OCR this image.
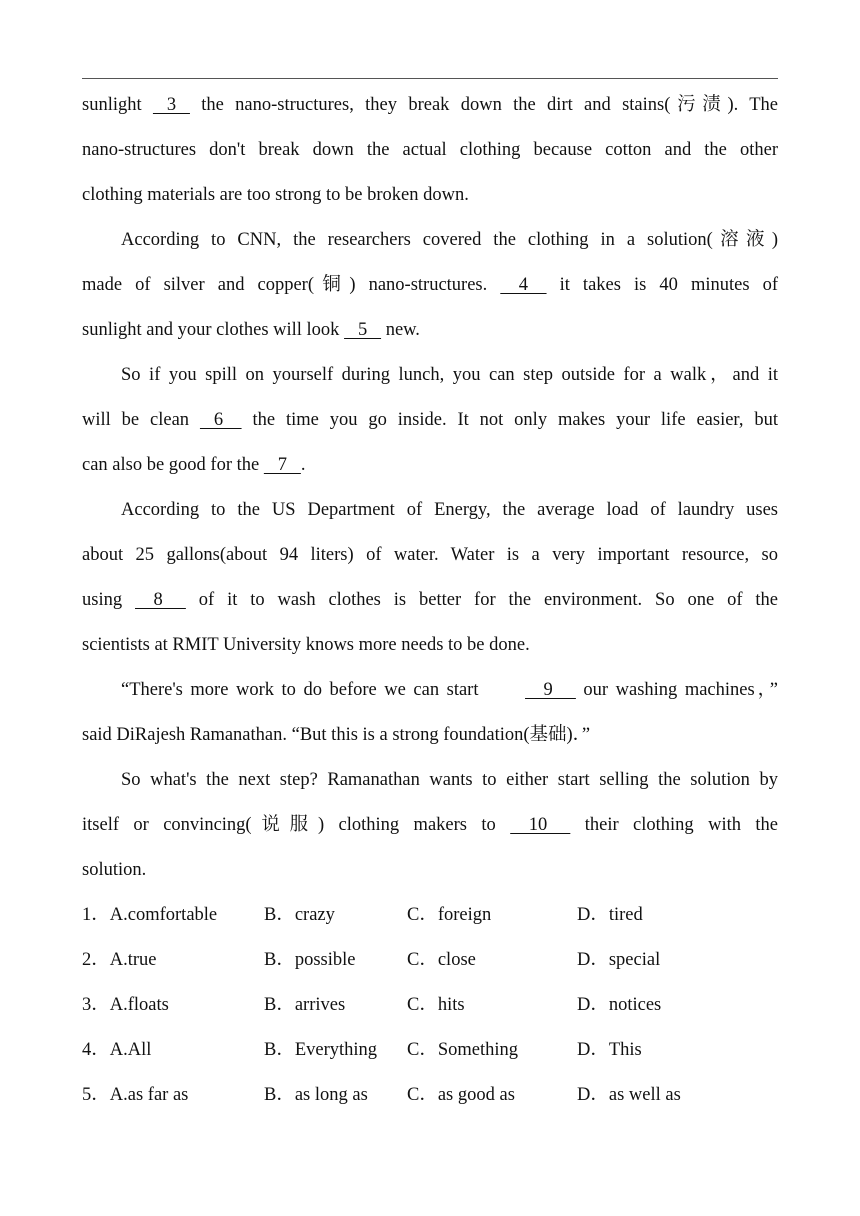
sunlight    3    the nano-structures, they break down the dirt and stains(污渍). The

nano-structures don't break down the actual clothing because cotton and the other

clothing materials are too strong to be broken down.

According to CNN, the researchers covered the clothing in a solution(溶液)

made of silver and copper(铜) nano-structures.     4     it takes is 40 minutes of

sunlight and your clothes will look    5    new.

So if you spill on yourself during lunch, you can step outside for a walk，and it

will be clean    6     the time you go inside. It not only makes your life easier, but

can also be good for the    7   .

According to the US Department of Energy, the average load of laundry uses

about 25 gallons(about 94 liters) of water. Water is a very important resource, so

using     8      of it to wash clothes is better for the environment. So one of the

scientists at RMIT University knows more needs to be done.

“There's more work to do before we can start     9      our washing machines，”

said DiRajesh Ramanathan. “But this is a strong foundation(基础)．”

So what's the next step? Ramanathan wants to either start selling the solution by

itself or convincing(说服) clothing makers to     10      their clothing with the

solution.

1．A.comfortable	B．crazy	C．foreign	D．tired
2．A.true	B．possible	C．close	D．special
3．A.floats	B．arrives	C．hits	D．notices
4．A.All	B．Everything	C．Something	D．This
5．A.as far as	B．as long as	C．as good as	D．as well as
